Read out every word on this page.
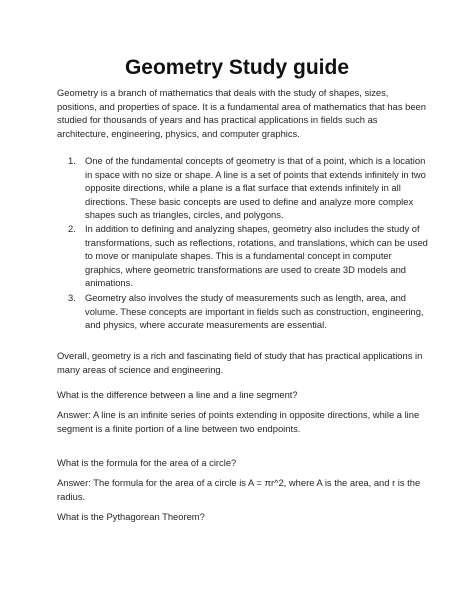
Geometry Study guide

Geometry is a branch of mathematics that deals with the study of shapes, sizes, positions, and properties of space. It is a fundamental area of mathematics that has been studied for thousands of years and has practical applications in fields such as architecture, engineering, physics, and computer graphics.

1. One of the fundamental concepts of geometry is that of a point, which is a location in space with no size or shape. A line is a set of points that extends infinitely in two opposite directions, while a plane is a flat surface that extends infinitely in all directions. These basic concepts are used to define and analyze more complex shapes such as triangles, circles, and polygons.

2. In addition to defining and analyzing shapes, geometry also includes the study of transformations, such as reflections, rotations, and translations, which can be used to move or manipulate shapes. This is a fundamental concept in computer graphics, where geometric transformations are used to create 3D models and animations.

3. Geometry also involves the study of measurements such as length, area, and volume. These concepts are important in fields such as construction, engineering, and physics, where accurate measurements are essential.

Overall, geometry is a rich and fascinating field of study that has practical applications in many areas of science and engineering.

What is the difference between a line and a line segment?

Answer: A line is an infinite series of points extending in opposite directions, while a line segment is a finite portion of a line between two endpoints.

What is the formula for the area of a circle?

Answer: The formula for the area of a circle is A = πr^2, where A is the area, and r is the radius.

What is the Pythagorean Theorem?
